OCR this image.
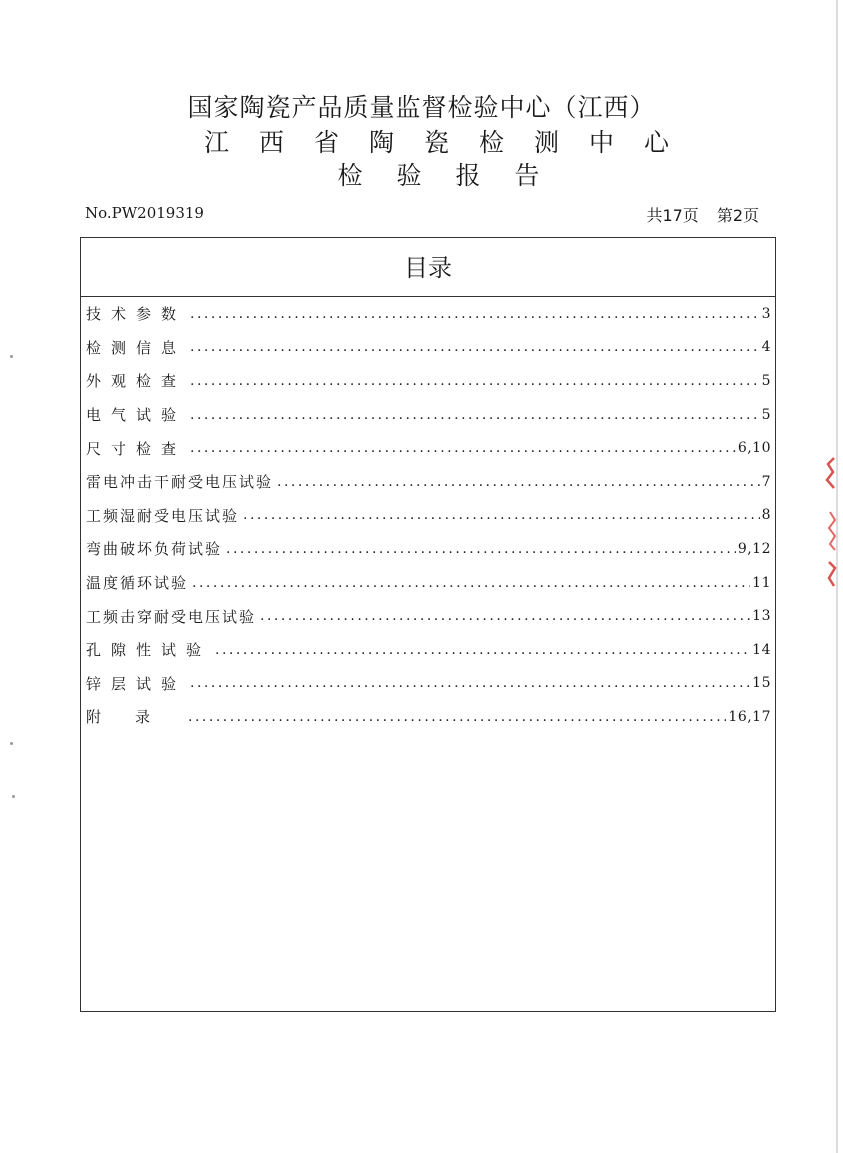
国家陶瓷产品质量监督检验中心（江西）
江西省陶瓷检测中心
检验报告
No.PW2019319	共17页 第2页
目录
技术参数 .....	3
检测信息 .....	4
外观检查 .....	5
电气试验 .....	5
尺寸检查 .....	6,10
雷电冲击干耐受电压试验 .....	7
工频湿耐受电压试验 .....	8
弯曲破坏负荷试验 .....	9,12
温度循环试验 .....	11
工频击穿耐受电压试验 .....	13
孔隙性试验 .....	14
锌层试验 .....	15
附录 .....	16,17
